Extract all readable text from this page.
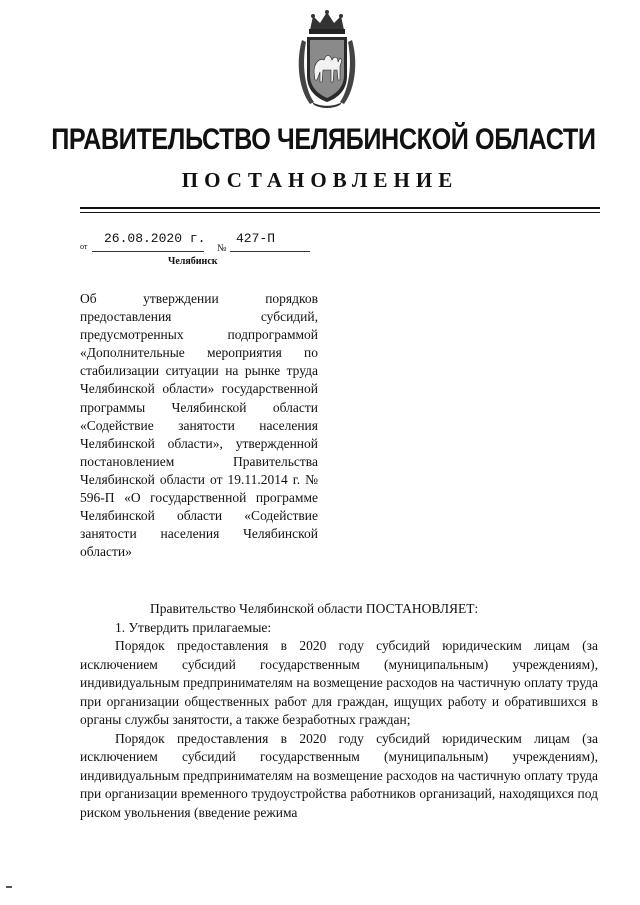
ПРАВИТЕЛЬСТВО ЧЕЛЯБИНСКОЙ ОБЛАСТИ
ПОСТАНОВЛЕНИЕ
от
26.08.2020 г.
№
427-П
Челябинск
Об утверждении порядков предоставления субсидий, предусмотренных подпрограммой «Дополнительные мероприятия по стабилизации ситуации на рынке труда Челябинской области» государственной программы Челябинской области «Содействие занятости населения Челябинской области», утвержденной постановлением Правительства Челябинской области от 19.11.2014 г. № 596-П «О государственной программе Челябинской области «Содействие занятости населения Челябинской области»

Правительство Челябинской области ПОСТАНОВЛЯЕТ:

1. Утвердить прилагаемые:

Порядок предоставления в 2020 году субсидий юридическим лицам (за исключением субсидий государственным (муниципальным) учреждениям), индивидуальным предпринимателям на возмещение расходов на частичную оплату труда при организации общественных работ для граждан, ищущих работу и обратившихся в органы службы занятости, а также безработных граждан;

Порядок предоставления в 2020 году субсидий юридическим лицам (за исключением субсидий государственным (муниципальным) учреждениям), индивидуальным предпринимателям на возмещение расходов на частичную оплату труда при организации временного трудоустройства работников организаций, находящихся под риском увольнения (введение режима
